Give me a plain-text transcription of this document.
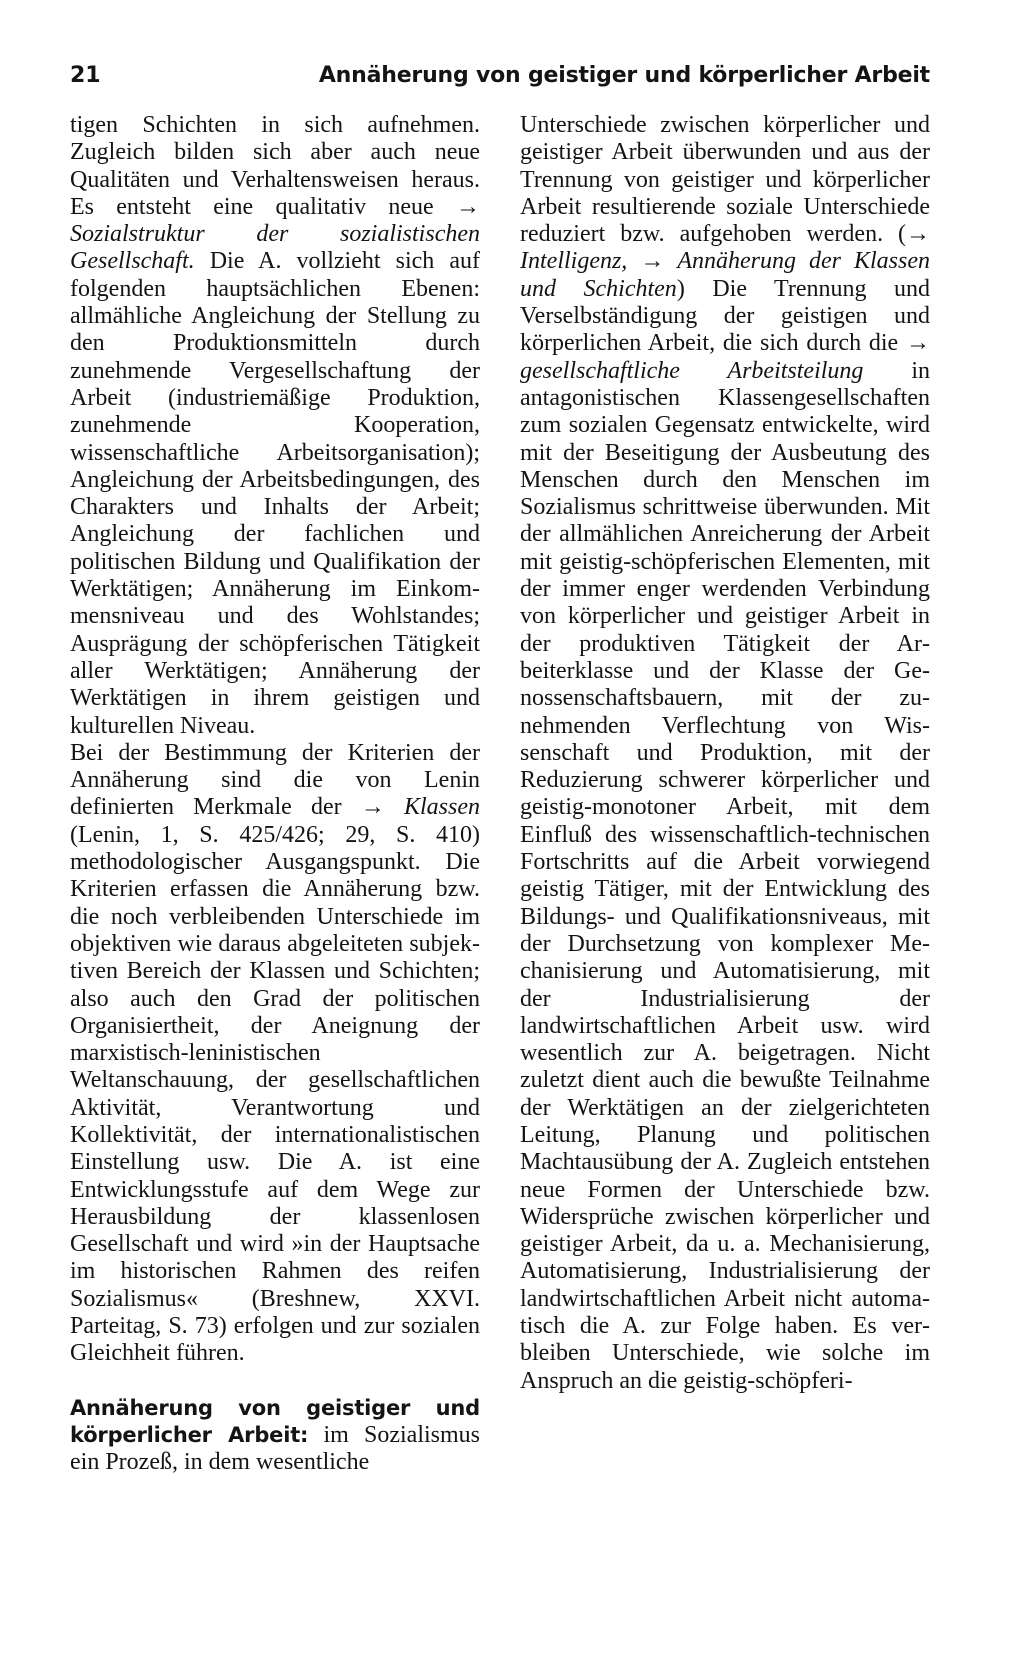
21	Annäherung von geistiger und körperlicher Arbeit

tigen Schichten in sich aufnehmen. Zugleich bilden sich aber auch neue Qualitäten und Verhaltensweisen heraus. Es entsteht eine qualitativ neue → Sozialstruktur der sozialistischen Gesellschaft. Die A. vollzieht sich auf folgenden hauptsächlichen Ebenen: allmähliche Angleichung der Stellung zu den Produktionsmitteln durch zunehmende Vergesellschaftung der Arbeit (industriemäßige Produktion, zunehmende Kooperation, wissenschaftliche Arbeitsorganisation); Angleichung der Arbeitsbedingungen, des Charakters und Inhalts der Arbeit; Angleichung der fachlichen und politischen Bildung und Qualifikation der Werktätigen; Annäherung im Einkommensniveau und des Wohlstandes; Ausprägung der schöpferischen Tätigkeit aller Werktätigen; Annäherung der Werktätigen in ihrem geistigen und kulturellen Niveau.

Bei der Bestimmung der Kriterien der Annäherung sind die von Lenin definierten Merkmale der → Klassen (Lenin, 1, S. 425/426; 29, S. 410) methodologischer Ausgangspunkt. Die Kriterien erfassen die Annäherung bzw. die noch verbleibenden Unterschiede im objektiven wie daraus abgeleiteten subjektiven Bereich der Klassen und Schichten; also auch den Grad der politischen Organisiertheit, der Aneignung der marxistisch-leninistischen Weltanschauung, der gesellschaftlichen Aktivität, Verantwortung und Kollektivität, der internationalistischen Einstellung usw. Die A. ist eine Entwicklungsstufe auf dem Wege zur Herausbildung der klassenlosen Gesellschaft und wird »in der Hauptsache im historischen Rahmen des reifen Sozialismus« (Breshnew, XXVI. Parteitag, S. 73) erfolgen und zur sozialen Gleichheit führen.

Annäherung von geistiger und körperlicher Arbeit: im Sozialismus ein Prozeß, in dem wesentliche

Unterschiede zwischen körperlicher und geistiger Arbeit überwunden und aus der Trennung von geistiger und körperlicher Arbeit resultierende soziale Unterschiede reduziert bzw. aufgehoben werden. (→ Intelligenz, → Annäherung der Klassen und Schichten) Die Trennung und Verselbständigung der geistigen und körperlichen Arbeit, die sich durch die → gesellschaftliche Arbeitsteilung in antagonistischen Klassengesellschaften zum sozialen Gegensatz entwickelte, wird mit der Beseitigung der Ausbeutung des Menschen durch den Menschen im Sozialismus schrittweise überwunden. Mit der allmählichen Anreicherung der Arbeit mit geistig-schöpferischen Elementen, mit der immer enger werdenden Verbindung von körperlicher und geistiger Arbeit in der produktiven Tätigkeit der Arbeiterklasse und der Klasse der Genossenschaftsbauern, mit der zunehmenden Verflechtung von Wissenschaft und Produktion, mit der Reduzierung schwerer körperlicher und geistig-monotoner Arbeit, mit dem Einfluß des wissenschaftlich-technischen Fortschritts auf die Arbeit vorwiegend geistig Tätiger, mit der Entwicklung des Bildungs- und Qualifikationsniveaus, mit der Durchsetzung von komplexer Mechanisierung und Automatisierung, mit der Industrialisierung der landwirtschaftlichen Arbeit usw. wird wesentlich zur A. beigetragen. Nicht zuletzt dient auch die bewußte Teilnahme der Werktätigen an der zielgerichteten Leitung, Planung und politischen Machtausübung der A. Zugleich entstehen neue Formen der Unterschiede bzw. Widersprüche zwischen körperlicher und geistiger Arbeit, da u. a. Mechanisierung, Automatisierung, Industrialisierung der landwirtschaftlichen Arbeit nicht automatisch die A. zur Folge haben. Es verbleiben Unterschiede, wie solche im Anspruch an die geistig-schöpferi-
